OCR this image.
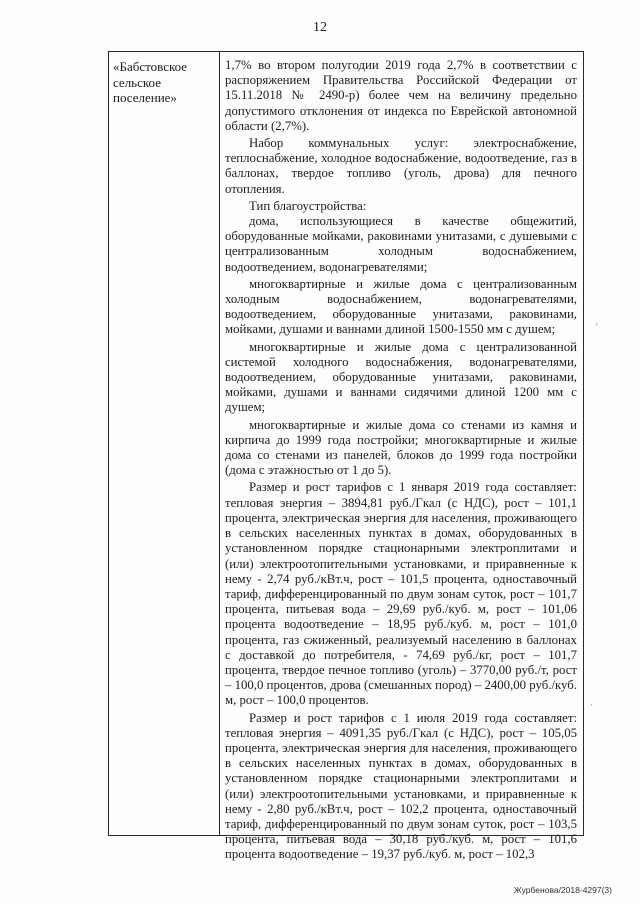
12
«Бабстовское сельское поселение»

1,7% во втором полугодии 2019 года 2,7% в соответствии с распоряжением Правительства Российской Федерации от 15.11.2018 № 2490-р) более чем на величину предельно допустимого отклонения от индекса по Еврейской автономной области (2,7%).

Набор коммунальных услуг: электроснабжение, теплоснабжение, холодное водоснабжение, водоотведение, газ в баллонах, твердое топливо (уголь, дрова) для печного отопления.

Тип благоустройства:

дома, использующиеся в качестве общежитий, оборудованные мойками, раковинами унитазами, с душевыми с централизованным холодным водоснабжением, водоотведением, водонагревателями;

многоквартирные и жилые дома с централизованным холодным водоснабжением, водонагревателями, водоотведением, оборудованные унитазами, раковинами, мойками, душами и ваннами длиной 1500-1550 мм с душем;

многоквартирные и жилые дома с централизованной системой холодного водоснабжения, водонагревателями, водоотведением, оборудованные унитазами, раковинами, мойками, душами и ваннами сидячими длиной 1200 мм с душем;

многоквартирные и жилые дома со стенами из камня и кирпича до 1999 года постройки; многоквартирные и жилые дома со стенами из панелей, блоков до 1999 года постройки (дома с этажностью от 1 до 5).

Размер и рост тарифов с 1 января 2019 года составляет: тепловая энергия – 3894,81 руб./Гкал (с НДС), рост – 101,1 процента, электрическая энергия для населения, проживающего в сельских населенных пунктах в домах, оборудованных в установленном порядке стационарными электроплитами и (или) электроотопительными установками, и приравненные к нему - 2,74 руб./кВт.ч, рост – 101,5 процента, одноставочный тариф, дифференцированный по двум зонам суток, рост – 101,7 процента, питьевая вода – 29,69 руб./куб. м, рост – 101,06 процента водоотведение – 18,95 руб./куб. м, рост – 101,0 процента, газ сжиженный, реализуемый населению в баллонах с доставкой до потребителя, - 74,69 руб./кг, рост – 101,7 процента, твердое печное топливо (уголь) – 3770,00 руб./т, рост – 100,0 процентов, дрова (смешанных пород) – 2400,00 руб./куб. м, рост – 100,0 процентов.

Размер и рост тарифов с 1 июля 2019 года составляет: тепловая энергия – 4091,35 руб./Гкал (с НДС), рост – 105,05 процента, электрическая энергия для населения, проживающего в сельских населенных пунктах в домах, оборудованных в установленном порядке стационарными электроплитами и (или) электроотопительными установками, и приравненные к нему - 2,80 руб./кВт.ч, рост – 102,2 процента, одноставочный тариф, дифференцированный по двум зонам суток, рост – 103,5 процента, питьевая вода – 30,18 руб./куб. м, рост – 101,6 процента водоотведение – 19,37 руб./куб. м, рост – 102,3

'
·
Журбенова/2018-4297(3)
